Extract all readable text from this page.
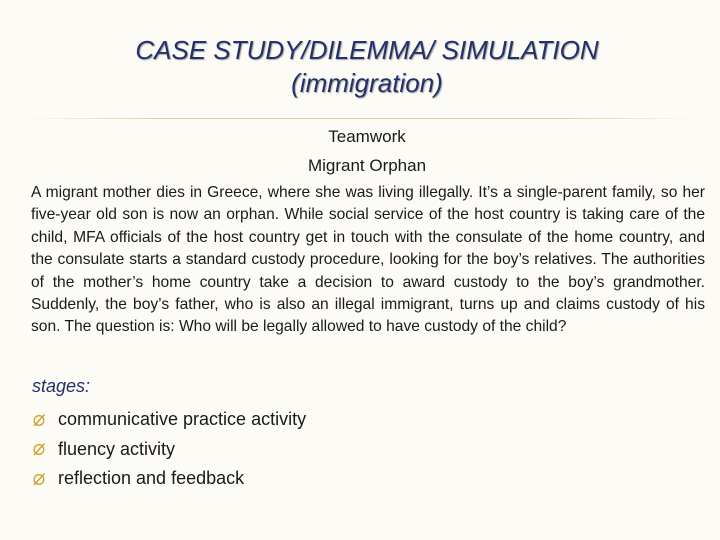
CASE STUDY/DILEMMA/ SIMULATION
(immigration)
Teamwork
Migrant Orphan
A migrant mother dies in Greece, where she was living illegally. It’s a single-parent family, so her five-year old son is now an orphan. While social service of the host country is taking care of the child, MFA officials of the host country get in touch with the consulate of the home country, and the consulate starts a standard custody procedure, looking for the boy’s relatives. The authorities of the mother’s home country take a decision to award custody to the boy’s grandmother. Suddenly, the boy’s father, who is also an illegal immigrant, turns up and claims custody of his son. The question is: Who will be legally allowed to have custody of the child?
stages:
communicative practice activity
fluency activity
reflection and feedback
